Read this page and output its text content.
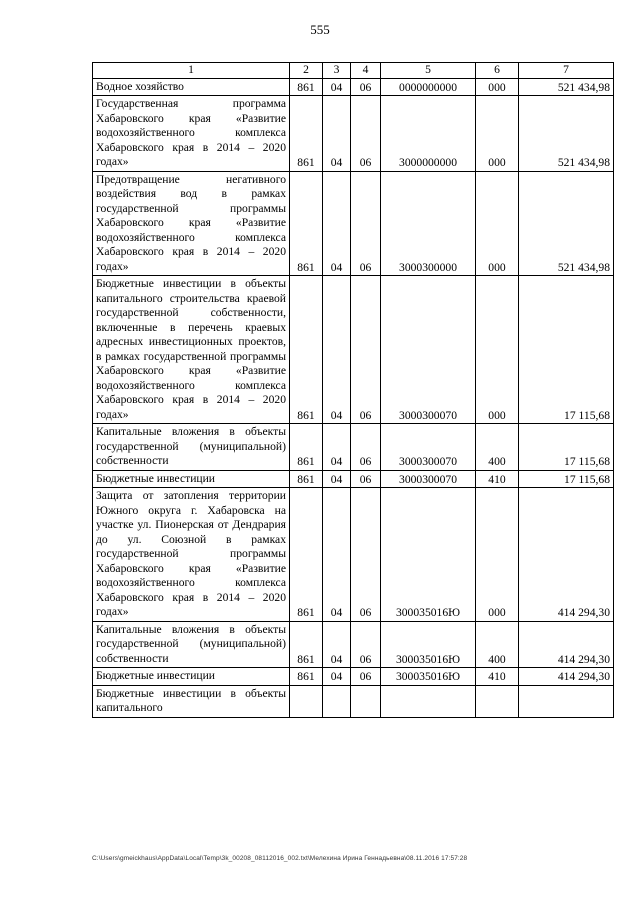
555
1	2	3	4	5	6	7
Водное хозяйство	861	04	06	0000000000	000	521 434,98
Государственная программа Хабаровского края «Развитие водохозяйственного комплекса Хабаровского края в 2014 – 2020 годах»	861	04	06	3000000000	000	521 434,98
Предотвращение негативного воздействия вод в рамках государственной программы Хабаровского края «Развитие водохозяйственного комплекса Хабаровского края в 2014 – 2020 годах»	861	04	06	3000300000	000	521 434,98
Бюджетные инвестиции в объекты капитального строительства краевой государственной собственности, включенные в перечень краевых адресных инвестиционных проектов, в рамках государственной программы Хабаровского края «Развитие водохозяйственного комплекса Хабаровского края в 2014 – 2020 годах»	861	04	06	3000300070	000	17 115,68
Капитальные вложения в объекты государственной (муниципальной) собственности	861	04	06	3000300070	400	17 115,68
Бюджетные инвестиции	861	04	06	3000300070	410	17 115,68
Защита от затопления территории Южного округа г. Хабаровска на участке ул. Пионерская от Дендрария до ул. Союзной в рамках государственной программы Хабаровского края «Развитие водохозяйственного комплекса Хабаровского края в 2014 – 2020 годах»	861	04	06	300035016Ю	000	414 294,30
Капитальные вложения в объекты государственной (муниципальной) собственности	861	04	06	300035016Ю	400	414 294,30
Бюджетные инвестиции	861	04	06	300035016Ю	410	414 294,30
Бюджетные инвестиции в объекты капитального						
C:\Users\gmeickhaus\AppData\Local\Temp\3k_00208_08112016_002.txt\Мелехина Ирина Геннадьевна\08.11.2016 17:57:28
